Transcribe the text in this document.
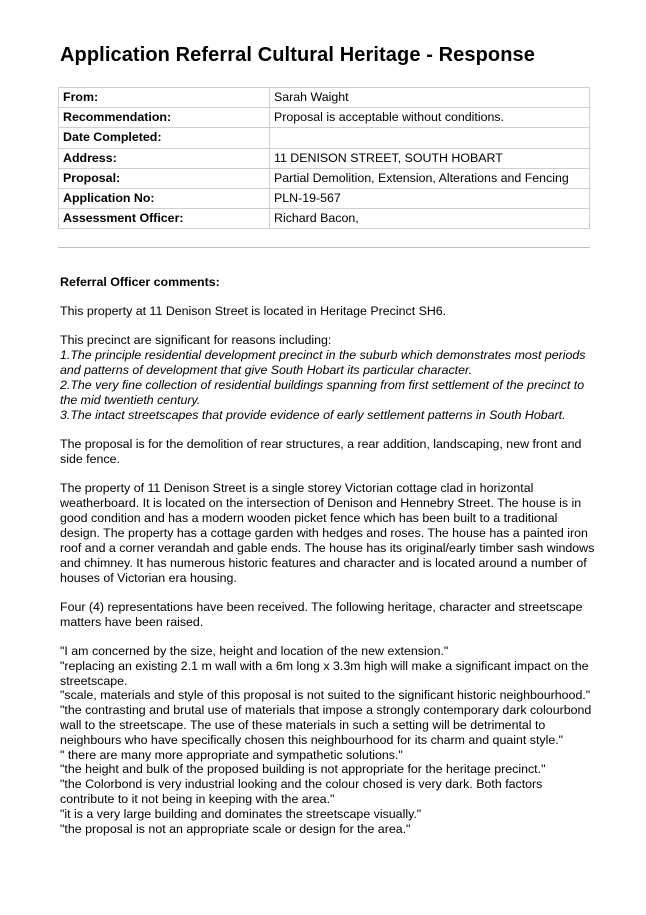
Application Referral Cultural Heritage - Response
From:	Sarah Waight
Recommendation:	Proposal is acceptable without conditions.
Date Completed:	
Address:	11 DENISON STREET, SOUTH HOBART
Proposal:	Partial Demolition, Extension, Alterations and Fencing
Application No:	PLN-19-567
Assessment Officer:	Richard Bacon,
Referral Officer comments:

This property at 11 Denison Street is located in Heritage Precinct SH6.

This precinct are significant for reasons including:
1.The principle residential development precinct in the suburb which demonstrates most periods and patterns of development that give South Hobart its particular character.
2.The very fine collection of residential buildings spanning from first settlement of the precinct to the mid twentieth century.
3.The intact streetscapes that provide evidence of early settlement patterns in South Hobart.

The proposal is for the demolition of rear structures, a rear addition, landscaping, new front and side fence.

The property of 11 Denison Street is a single storey Victorian cottage clad in horizontal weatherboard. It is located on the intersection of Denison and Hennebry Street. The house is in good condition and has a modern wooden picket fence which has been built to a traditional design. The property has a cottage garden with hedges and roses. The house has a painted iron roof and a corner verandah and gable ends. The house has its original/early timber sash windows and chimney. It has numerous historic features and character and is located around a number of houses of Victorian era housing.

Four (4) representations have been received. The following heritage, character and streetscape matters have been raised.

"I am concerned by the size, height and location of the new extension."
"replacing an existing 2.1 m wall with a 6m long x 3.3m high will make a significant impact on the streetscape.
"scale, materials and style of this proposal is not suited to the significant historic neighbourhood."
"the contrasting and brutal use of materials that impose a strongly contemporary dark colourbond wall to the streetscape. The use of these materials in such a setting will be detrimental to neighbours who have specifically chosen this neighbourhood for its charm and quaint style."
" there are many more appropriate and sympathetic solutions."
"the height and bulk of the proposed building is not appropriate for the heritage precinct."
"the Colorbond is very industrial looking and the colour chosed is very dark. Both factors contribute to it not being in keeping with the area."
"it is a very large building and dominates the streetscape visually."
"the proposal is not an appropriate scale or design for the area."
